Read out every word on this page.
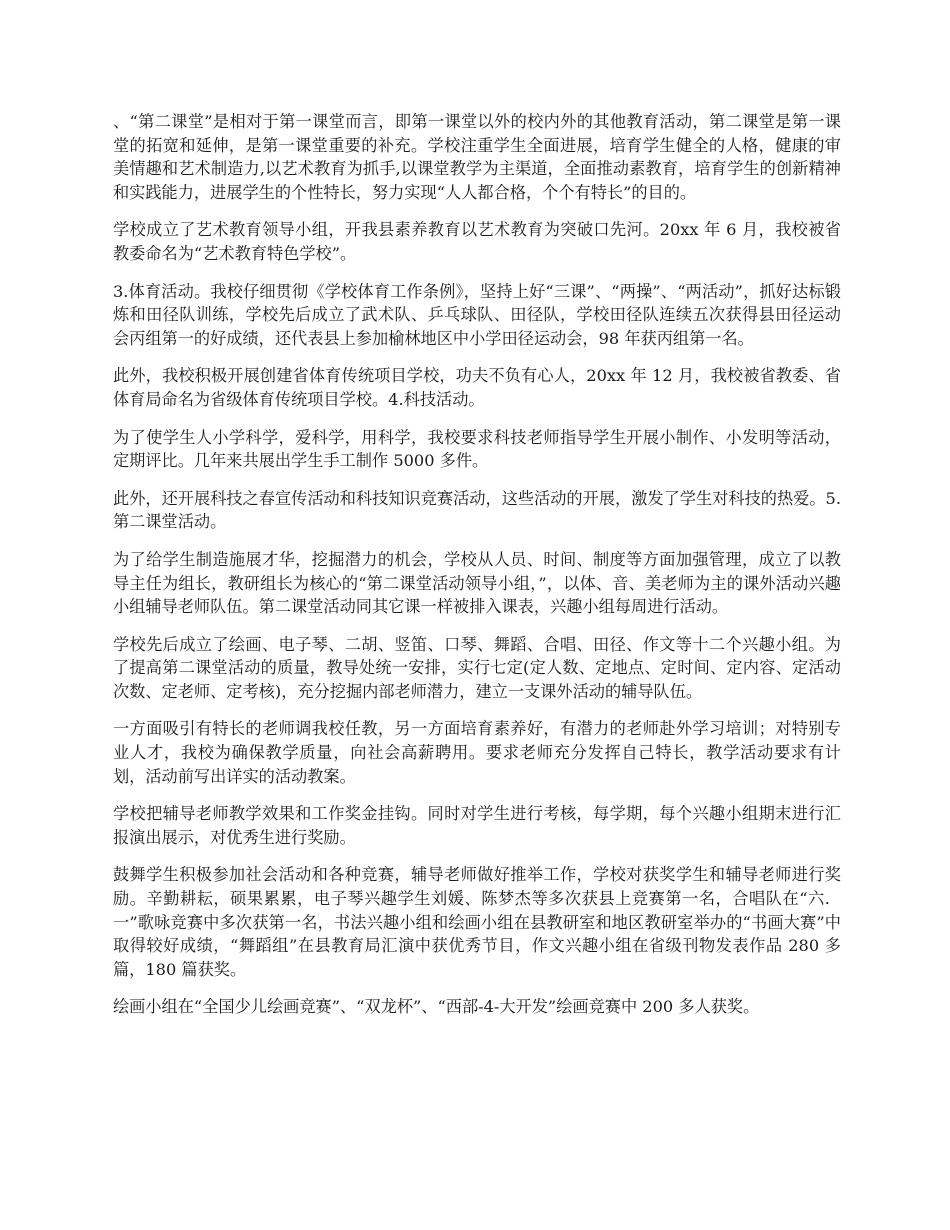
、“第二课堂”是相对于第一课堂而言，即第一课堂以外的校内外的其他教育活动，第二课堂是第一课堂的拓宽和延伸，是第一课堂重要的补充。学校注重学生全面进展，培育学生健全的人格，健康的审美情趣和艺术制造力,以艺术教育为抓手,以课堂教学为主渠道，全面推动素教育，培育学生的创新精神和实践能力，进展学生的个性特长，努力实现“人人都合格，个个有特长”的目的。

学校成立了艺术教育领导小组，开我县素养教育以艺术教育为突破口先河。20xx 年 6 月，我校被省教委命名为“艺术教育特色学校”。

3.体育活动。我校仔细贯彻《学校体育工作条例》，坚持上好“三课”、“两操”、“两活动”，抓好达标锻炼和田径队训练，学校先后成立了武术队、乒乓球队、田径队，学校田径队连续五次获得县田径运动会丙组第一的好成绩，还代表县上参加榆林地区中小学田径运动会，98 年获丙组第一名。

此外，我校积极开展创建省体育传统项目学校，功夫不负有心人，20xx 年 12 月，我校被省教委、省体育局命名为省级体育传统项目学校。4.科技活动。

为了使学生人小学科学，爱科学，用科学，我校要求科技老师指导学生开展小制作、小发明等活动，定期评比。几年来共展出学生手工制作 5000 多件。

此外，还开展科技之春宣传活动和科技知识竞赛活动，这些活动的开展，激发了学生对科技的热爱。5.第二课堂活动。

为了给学生制造施展才华，挖掘潜力的机会，学校从人员、时间、制度等方面加强管理，成立了以教导主任为组长，教研组长为核心的“第二课堂活动领导小组，”，以体、音、美老师为主的课外活动兴趣小组辅导老师队伍。第二课堂活动同其它课一样被排入课表，兴趣小组每周进行活动。

学校先后成立了绘画、电子琴、二胡、竖笛、口琴、舞蹈、合唱、田径、作文等十二个兴趣小组。为了提高第二课堂活动的质量，教导处统一安排，实行七定(定人数、定地点、定时间、定内容、定活动次数、定老师、定考核)，充分挖掘内部老师潜力，建立一支课外活动的辅导队伍。

一方面吸引有特长的老师调我校任教，另一方面培育素养好，有潜力的老师赴外学习培训；对特别专业人才，我校为确保教学质量，向社会高薪聘用。要求老师充分发挥自己特长，教学活动要求有计划，活动前写出详实的活动教案。

学校把辅导老师教学效果和工作奖金挂钩。同时对学生进行考核，每学期，每个兴趣小组期末进行汇报演出展示，对优秀生进行奖励。

鼓舞学生积极参加社会活动和各种竞赛，辅导老师做好推举工作，学校对获奖学生和辅导老师进行奖励。辛勤耕耘，硕果累累，电子琴兴趣学生刘媛、陈梦杰等多次获县上竞赛第一名，合唱队在“六．一”歌咏竞赛中多次获第一名，书法兴趣小组和绘画小组在县教研室和地区教研室举办的“书画大赛”中取得较好成绩，“舞蹈组”在县教育局汇演中获优秀节目，作文兴趣小组在省级刊物发表作品 280 多篇，180 篇获奖。

绘画小组在“全国少儿绘画竞赛”、“双龙杯”、“西部-4-大开发”绘画竞赛中 200 多人获奖。
